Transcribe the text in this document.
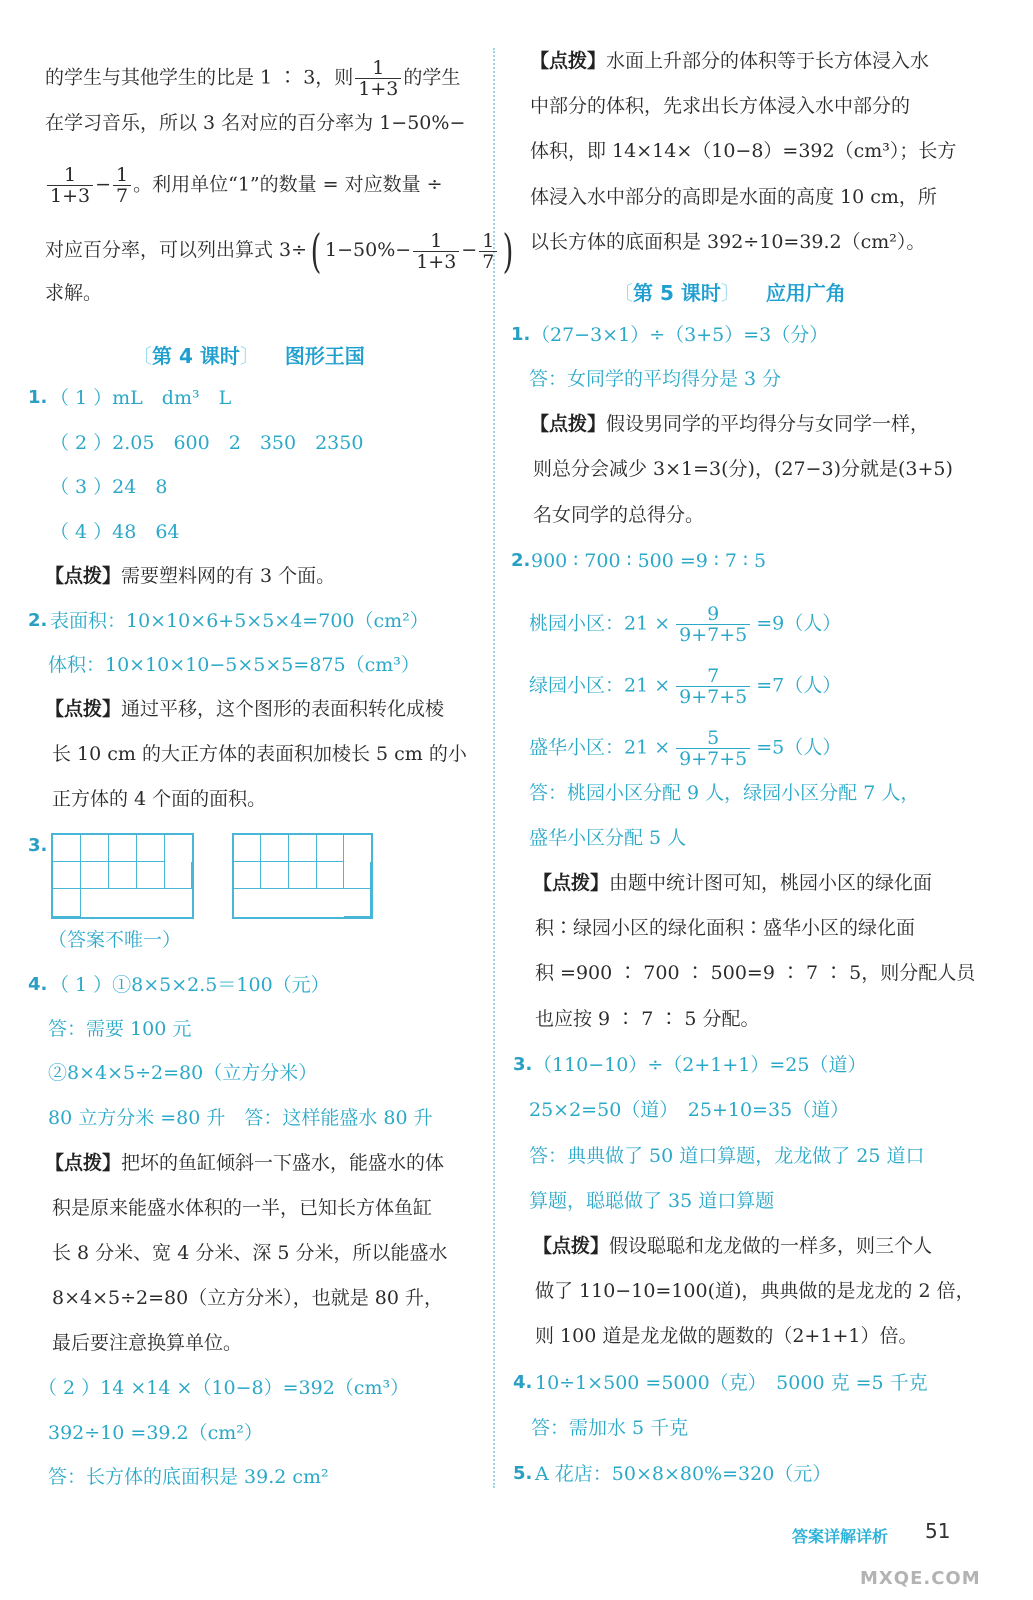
的学生与其他学生的比是 1 ∶ 3，则 $\frac{1}{1+3}$ 的学生
在学习音乐，所以 3 名对应的百分率为 1−50%−
$\frac{1}{1+3} - \frac{1}{7}$ 。利用单位“1”的数量 = 对应数量 ÷
对应百分率，可以列出算式 3÷( $1-50\%- \frac{1}{1+3} - \frac{1}{7}$ )
求解。
〔第 4 课时〕 图形王国
1. （ 1 ）mL　dm³　L
（ 2 ）2.05　600　2　350　2350
（ 3 ）24　8
（ 4 ）48　64
【点拨】需要塑料网的有 3 个面。
2. 表面积：10×10×6+5×5×4=700（cm²）
体积：10×10×10−5×5×5=875（cm³）
【点拨】通过平移，这个图形的表面积转化成棱
长 10 cm 的大正方体的表面积加棱长 5 cm 的小
正方体的 4 个面的面积。
3.
（答案不唯一）
4. （ 1 ）①8×5×2.5＝100（元）
答：需要 100 元
②8×4×5÷2=80（立方分米）
80 立方分米 =80 升　答：这样能盛水 80 升
【点拨】把坏的鱼缸倾斜一下盛水，能盛水的体
积是原来能盛水体积的一半，已知长方体鱼缸
长 8 分米、宽 4 分米、深 5 分米，所以能盛水
8×4×5÷2=80（立方分米），也就是 80 升，
最后要注意换算单位。
（ 2 ）14 ×14 ×（10−8）=392（cm³）
392÷10 =39.2（cm²）
答：长方体的底面积是 39.2 cm²
【点拨】水面上升部分的体积等于长方体浸入水
中部分的体积，先求出长方体浸入水中部分的
体积，即 14×14×（10−8）=392（cm³）；长方
体浸入水中部分的高即是水面的高度 10 cm，所
以长方体的底面积是 392÷10=39.2（cm²）。
〔第 5 课时〕 应用广角
1. （27−3×1）÷（3+5）=3（分）
答：女同学的平均得分是 3 分
【点拨】假设男同学的平均得分与女同学一样，
则总分会减少 3×1=3(分)，(27−3)分就是(3+5)
名女同学的总得分。
2. 900 ∶ 700 ∶ 500 =9 ∶ 7 ∶ 5
桃园小区：$21 \times \frac{9}{9+7+5} =9$（人）
绿园小区：$21 \times \frac{7}{9+7+5} =7$（人）
盛华小区：$21 \times \frac{5}{9+7+5} =5$（人）
答：桃园小区分配 9 人，绿园小区分配 7 人，
盛华小区分配 5 人
【点拨】由题中统计图可知，桃园小区的绿化面
积∶绿园小区的绿化面积∶盛华小区的绿化面
积 =900 ∶ 700 ∶ 500=9 ∶ 7 ∶ 5，则分配人员
也应按 9 ∶ 7 ∶ 5 分配。
3. （110−10）÷（2+1+1）=25（道）
25×2=50（道）　25+10=35（道）
答：典典做了 50 道口算题，龙龙做了 25 道口
算题，聪聪做了 35 道口算题
【点拨】假设聪聪和龙龙做的一样多，则三个人
做了 110−10=100(道)，典典做的是龙龙的 2 倍，
则 100 道是龙龙做的题数的（2+1+1）倍。
4. 10÷1×500 =5000（克）　5000 克 =5 千克
答：需加水 5 千克
5. A 花店：50×8×80%=320（元）
答案详解详析 51
MXQE.COM
